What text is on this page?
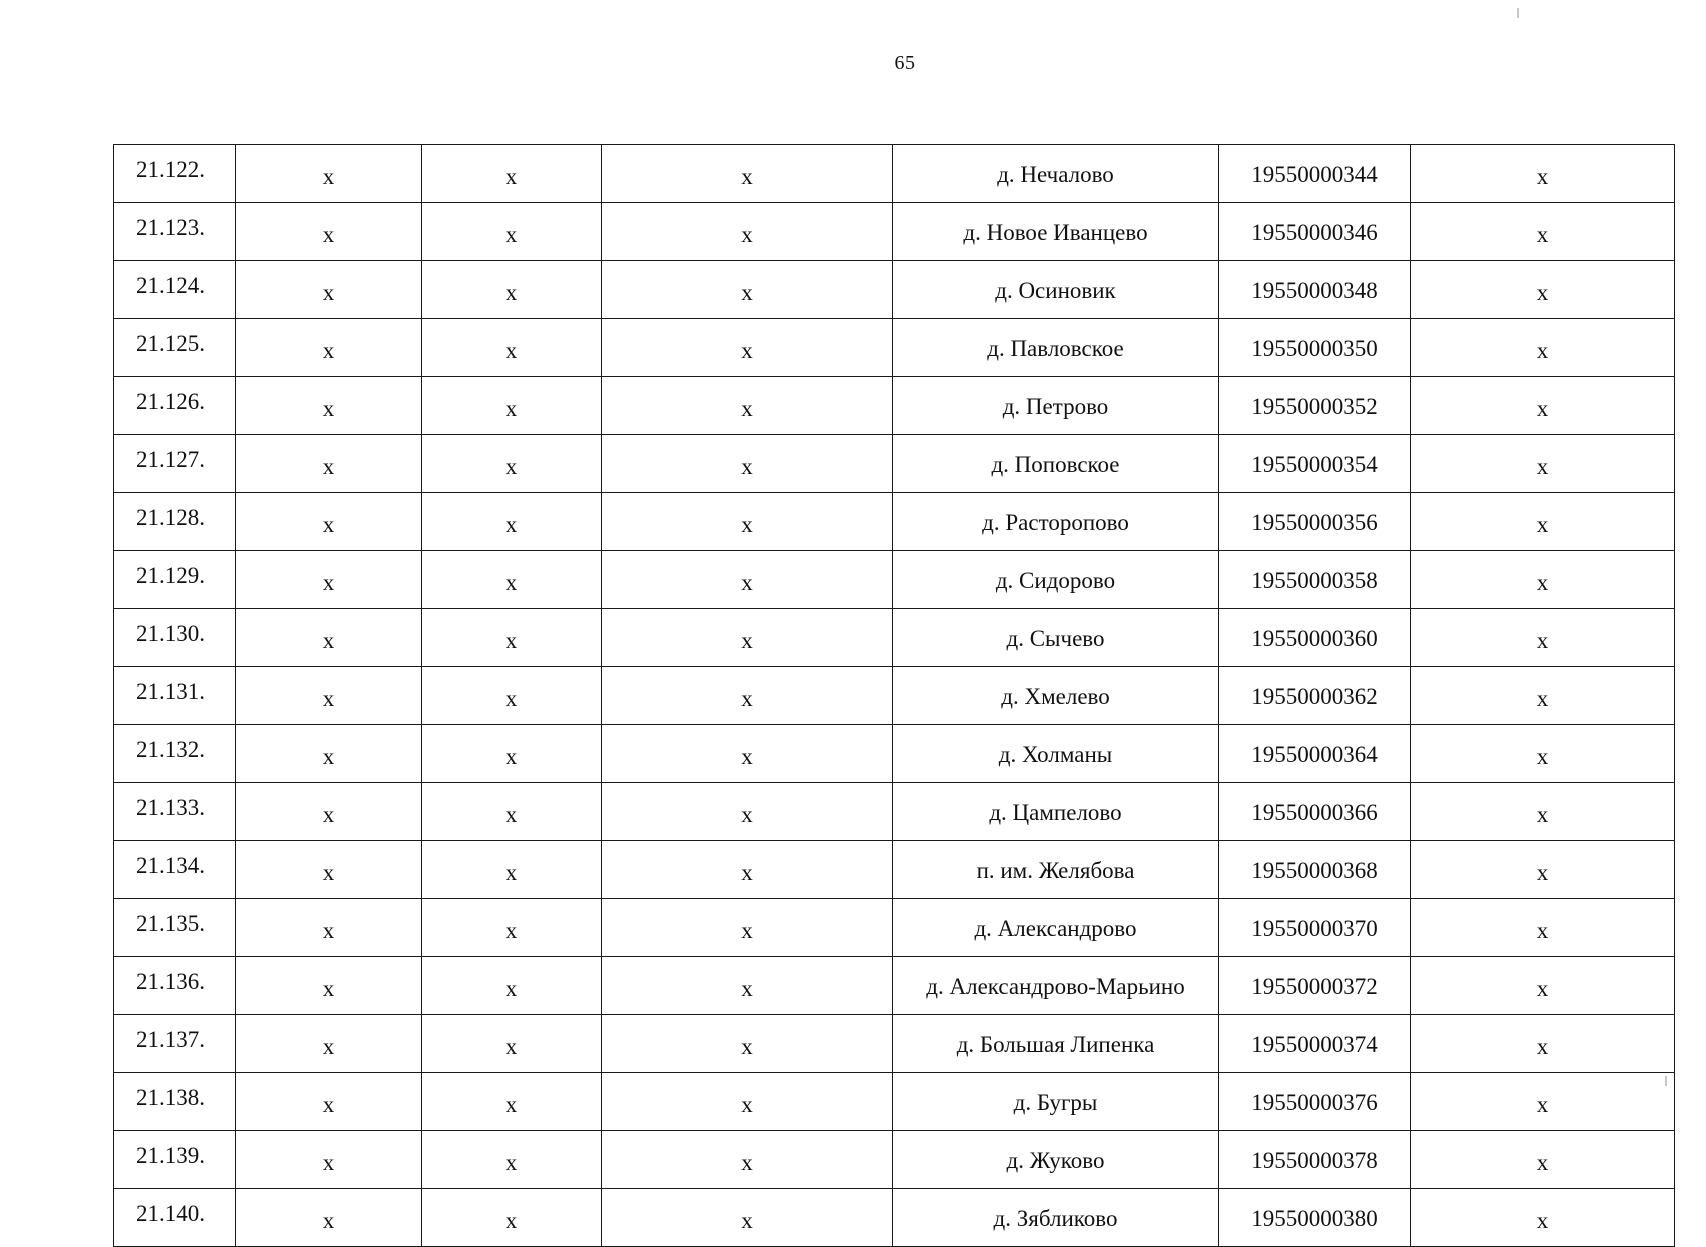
65
21.122.	х	х	х	д. Нечалово	19550000344	х
21.123.	х	х	х	д. Новое Иванцево	19550000346	х
21.124.	х	х	х	д. Осиновик	19550000348	х
21.125.	х	х	х	д. Павловское	19550000350	х
21.126.	х	х	х	д. Петрово	19550000352	х
21.127.	х	х	х	д. Поповское	19550000354	х
21.128.	х	х	х	д. Расторопово	19550000356	х
21.129.	х	х	х	д. Сидорово	19550000358	х
21.130.	х	х	х	д. Сычево	19550000360	х
21.131.	х	х	х	д. Хмелево	19550000362	х
21.132.	х	х	х	д. Холманы	19550000364	х
21.133.	х	х	х	д. Цампелово	19550000366	х
21.134.	х	х	х	п. им. Желябова	19550000368	х
21.135.	х	х	х	д. Александрово	19550000370	х
21.136.	х	х	х	д. Александрово-Марьино	19550000372	х
21.137.	х	х	х	д. Большая Липенка	19550000374	х
21.138.	х	х	х	д. Бугры	19550000376	х
21.139.	х	х	х	д. Жуково	19550000378	х
21.140.	х	х	х	д. Зябликово	19550000380	х
